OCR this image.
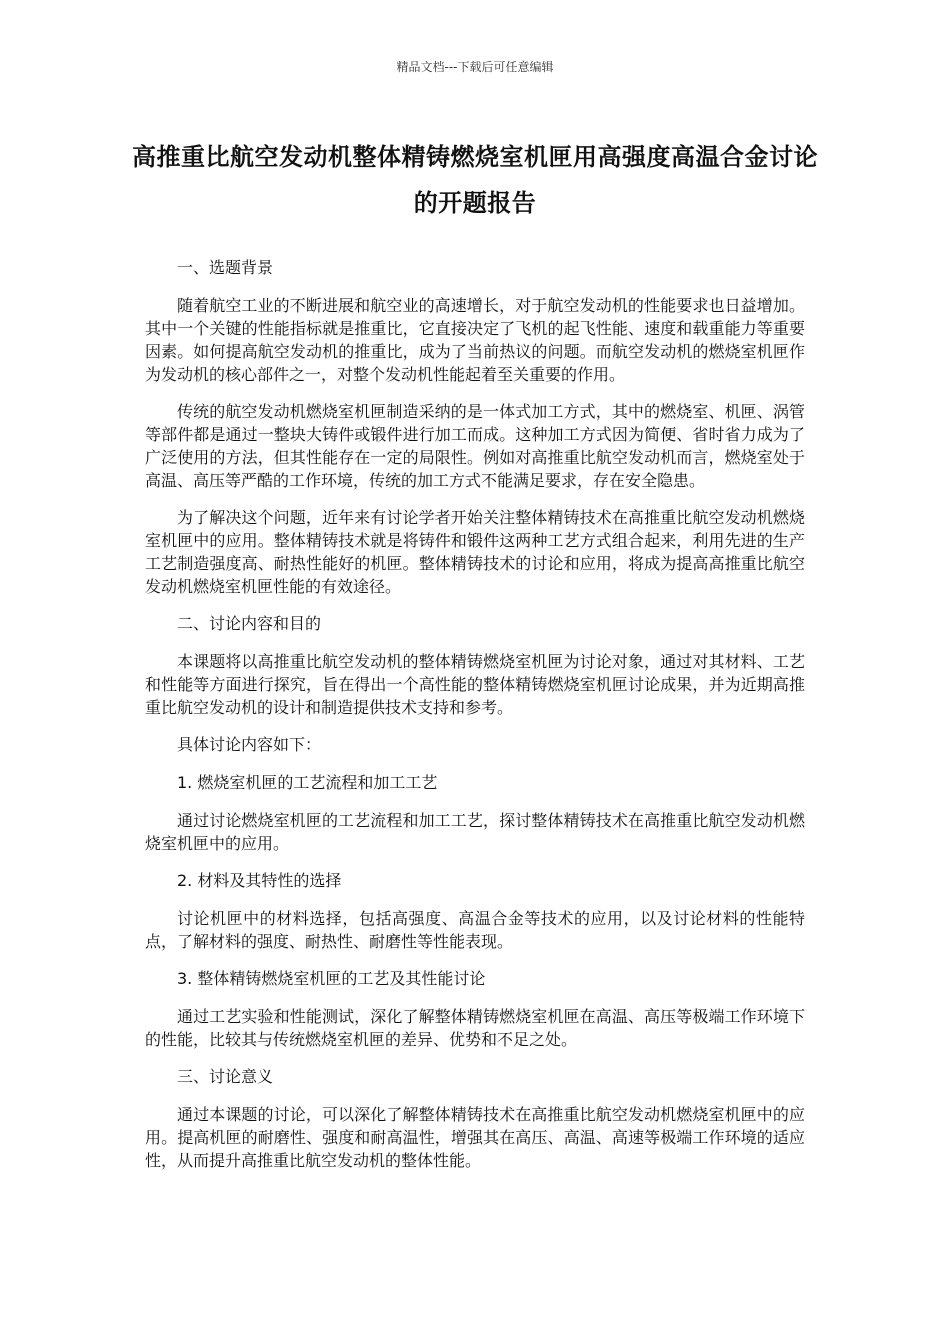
精品文档---下载后可任意编辑
高推重比航空发动机整体精铸燃烧室机匣用高强度高温合金讨论的开题报告

一、选题背景

随着航空工业的不断进展和航空业的高速增长，对于航空发动机的性能要求也日益增加。其中一个关键的性能指标就是推重比，它直接决定了飞机的起飞性能、速度和载重能力等重要因素。如何提高航空发动机的推重比，成为了当前热议的问题。而航空发动机的燃烧室机匣作为发动机的核心部件之一，对整个发动机性能起着至关重要的作用。

传统的航空发动机燃烧室机匣制造采纳的是一体式加工方式，其中的燃烧室、机匣、涡管等部件都是通过一整块大铸件或锻件进行加工而成。这种加工方式因为简便、省时省力成为了广泛使用的方法，但其性能存在一定的局限性。例如对高推重比航空发动机而言，燃烧室处于高温、高压等严酷的工作环境，传统的加工方式不能满足要求，存在安全隐患。

为了解决这个问题，近年来有讨论学者开始关注整体精铸技术在高推重比航空发动机燃烧室机匣中的应用。整体精铸技术就是将铸件和锻件这两种工艺方式组合起来，利用先进的生产工艺制造强度高、耐热性能好的机匣。整体精铸技术的讨论和应用，将成为提高高推重比航空发动机燃烧室机匣性能的有效途径。

二、讨论内容和目的

本课题将以高推重比航空发动机的整体精铸燃烧室机匣为讨论对象，通过对其材料、工艺和性能等方面进行探究，旨在得出一个高性能的整体精铸燃烧室机匣讨论成果，并为近期高推重比航空发动机的设计和制造提供技术支持和参考。

具体讨论内容如下：

1. 燃烧室机匣的工艺流程和加工工艺

通过讨论燃烧室机匣的工艺流程和加工工艺，探讨整体精铸技术在高推重比航空发动机燃烧室机匣中的应用。

2. 材料及其特性的选择

讨论机匣中的材料选择，包括高强度、高温合金等技术的应用，以及讨论材料的性能特点，了解材料的强度、耐热性、耐磨性等性能表现。

3. 整体精铸燃烧室机匣的工艺及其性能讨论

通过工艺实验和性能测试，深化了解整体精铸燃烧室机匣在高温、高压等极端工作环境下的性能，比较其与传统燃烧室机匣的差异、优势和不足之处。

三、讨论意义

通过本课题的讨论，可以深化了解整体精铸技术在高推重比航空发动机燃烧室机匣中的应用。提高机匣的耐磨性、强度和耐高温性，增强其在高压、高温、高速等极端工作环境的适应性，从而提升高推重比航空发动机的整体性能。
